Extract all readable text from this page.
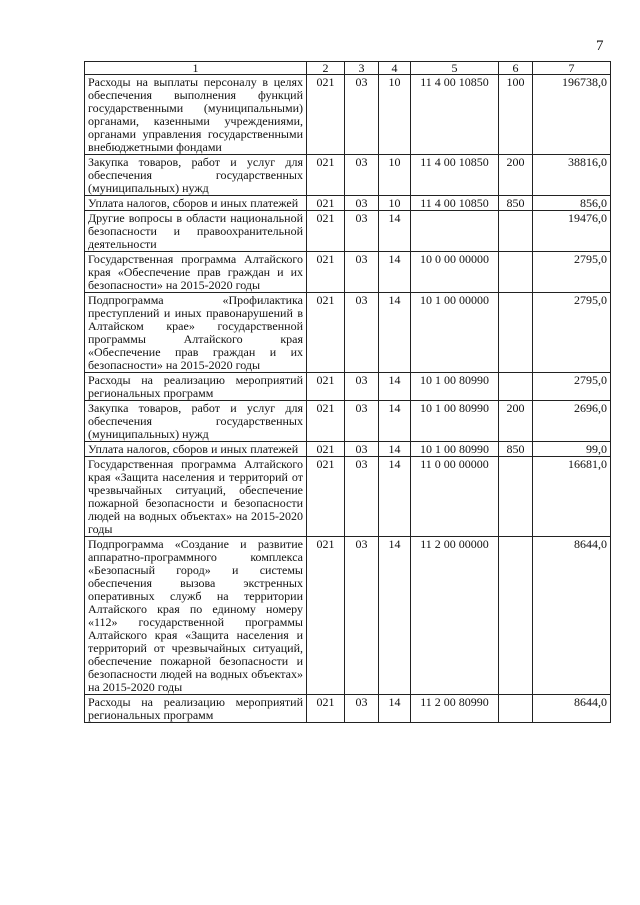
7
1	2	3	4	5	6	7
Расходы на выплаты персоналу в целях обеспечения выполнения функций государственными (муниципальными) органами, казенными учреждениями, органами управления государственными внебюджетными фондами	021	03	10	11 4 00 10850	100	196738,0
Закупка товаров, работ и услуг для обеспечения государственных (муниципальных) нужд	021	03	10	11 4 00 10850	200	38816,0
Уплата налогов, сборов и иных платежей	021	03	10	11 4 00 10850	850	856,0
Другие вопросы в области национальной безопасности и правоохранительной деятельности	021	03	14			19476,0
Государственная программа Алтайского края «Обеспечение прав граждан и их безопасности» на 2015-2020 годы	021	03	14	10 0 00 00000		2795,0
Подпрограмма «Профилактика преступлений и иных правонарушений в Алтайском крае» государственной программы Алтайского края «Обеспечение прав граждан и их безопасности» на 2015-2020 годы	021	03	14	10 1 00 00000		2795,0
Расходы на реализацию мероприятий региональных программ	021	03	14	10 1 00 80990		2795,0
Закупка товаров, работ и услуг для обеспечения государственных (муниципальных) нужд	021	03	14	10 1 00 80990	200	2696,0
Уплата налогов, сборов и иных платежей	021	03	14	10 1 00 80990	850	99,0
Государственная программа Алтайского края «Защита населения и территорий от чрезвычайных ситуаций, обеспечение пожарной безопасности и безопасности людей на водных объектах» на 2015-2020 годы	021	03	14	11 0 00 00000		16681,0
Подпрограмма «Создание и развитие аппаратно-программного комплекса «Безопасный город» и системы обеспечения вызова экстренных оперативных служб на территории Алтайского края по единому номеру «112» государственной программы Алтайского края «Защита населения и территорий от чрезвычайных ситуаций, обеспечение пожарной безопасности и безопасности людей на водных объектах» на 2015-2020 годы	021	03	14	11 2 00 00000		8644,0
Расходы на реализацию мероприятий региональных программ	021	03	14	11 2 00 80990		8644,0
